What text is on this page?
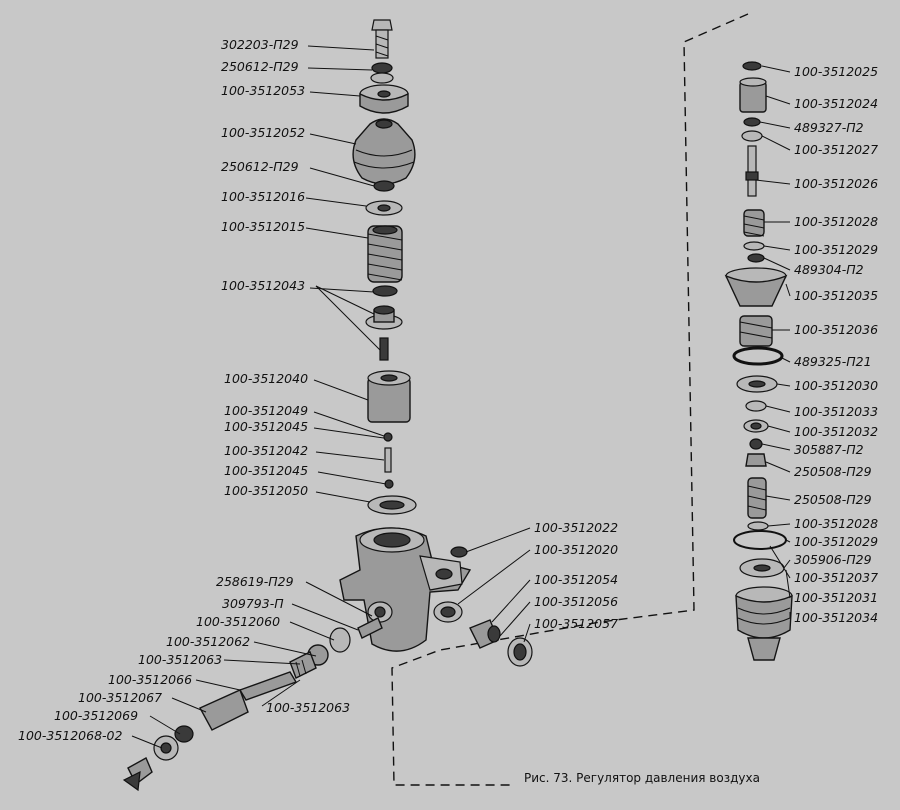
302203-П29
250612-П29
100-3512053
100-3512052
250612-П29
100-3512016
100-3512015
100-3512043
100-3512040
100-3512049
100-3512045
100-3512042
100-3512045
100-3512050
258619-П29
309793-П
100-3512060
100-3512062
100-3512063
100-3512066
100-3512067
100-3512069
100-3512068-02
100-3512063
100-3512022
100-3512020
100-3512054
100-3512056
100-3512057
100-3512025
100-3512024
489327-П2
100-3512027
100-3512026
100-3512028
100-3512029
489304-П2
100-3512035
100-3512036
489325-П21
100-3512030
100-3512033
100-3512032
305887-П2
250508-П29
250508-П29
100-3512028
100-3512029
305906-П29
100-3512037
100-3512031
100-3512034
Рис. 73. Регулятор давления воздуха
